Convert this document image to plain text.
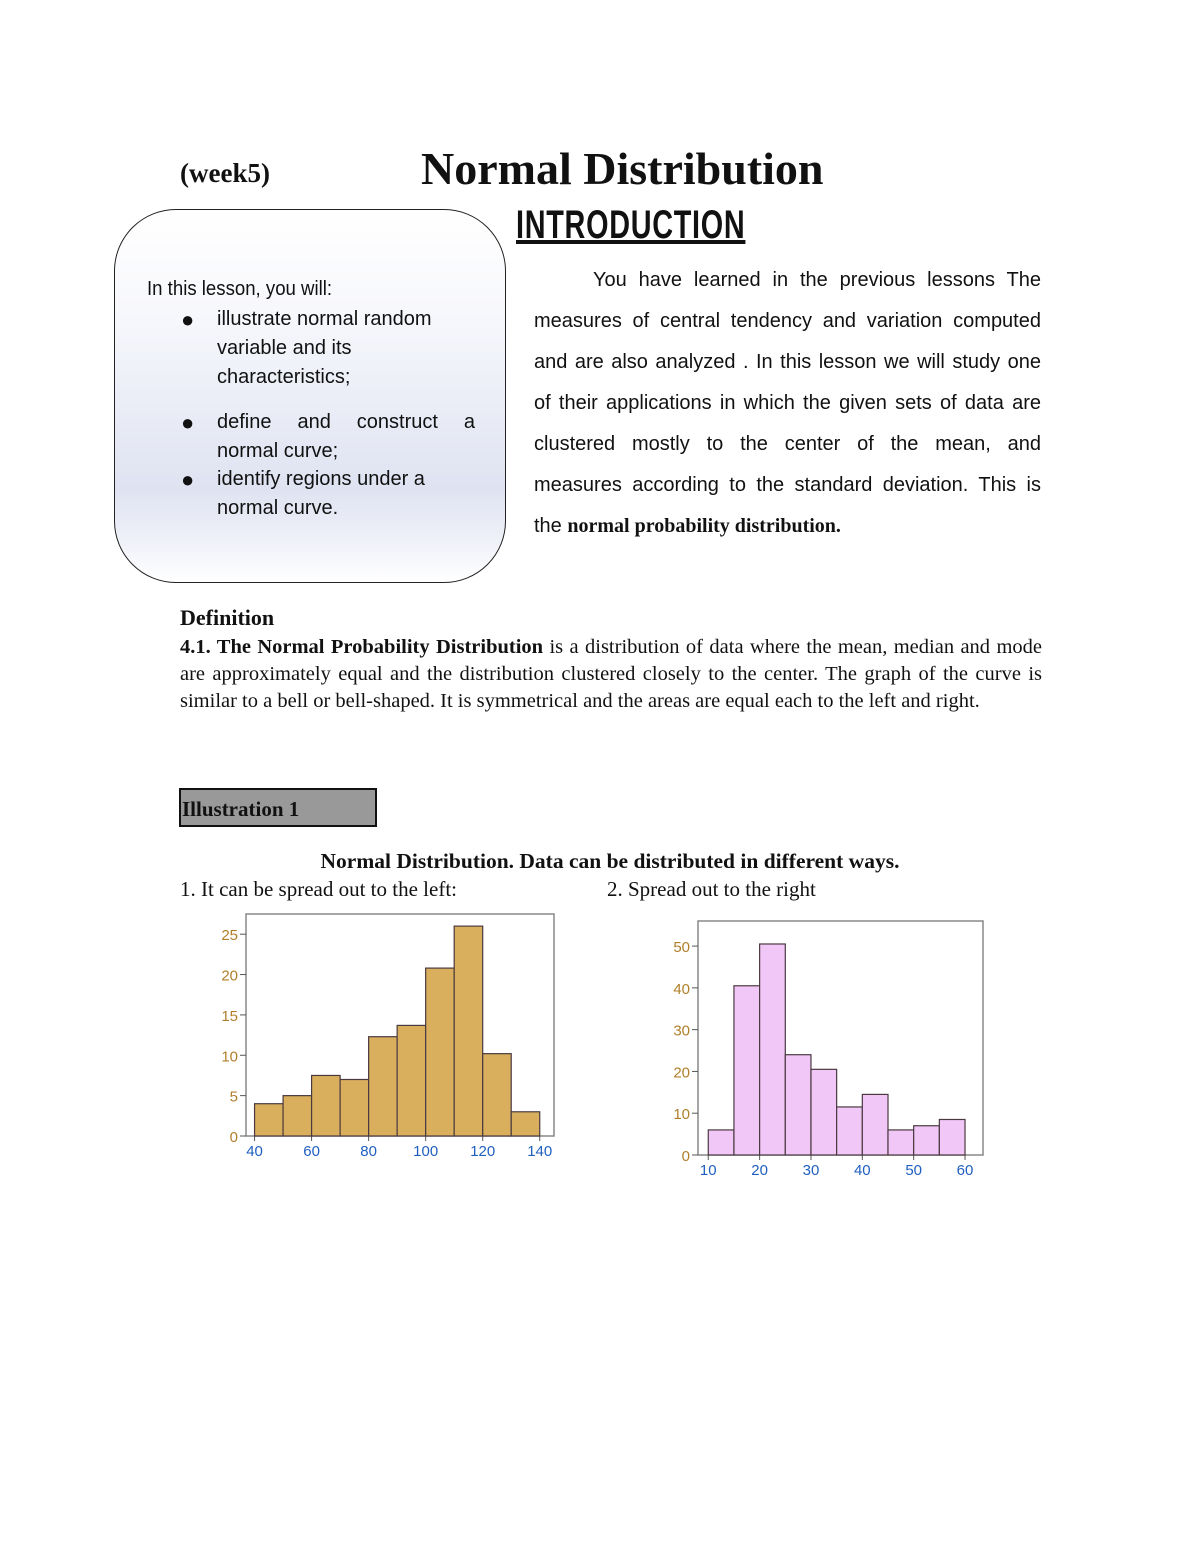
(week5)	Normal Distribution
INTRODUCTION
In this lesson, you will:
● illustrate normal random variable and its characteristics;
● define and construct a normal curve;
● identify regions under a normal curve.
You have learned in the previous lessons The
measures of central tendency and variation computed
and are also analyzed . In this lesson we will study one
of their applications in which the given sets of data are
clustered mostly to the center of the mean, and
measures according to the standard deviation. This is
the normal probability distribution.
Definition
4.1. The Normal Probability Distribution is a distribution of data where the mean, median and mode are approximately equal and the distribution clustered closely to the center. The graph of the curve is similar to a bell or bell-shaped. It is symmetrical and the areas are equal each to the left and right.
Illustration 1
Normal Distribution. Data can be distributed in different ways.
1. It can be spread out to the left:	2. Spread out to the right
0
5
10
15
20
25
40	60	80 100 120 140	0
10
20
30
40
50
10 20 30 40 50 60
